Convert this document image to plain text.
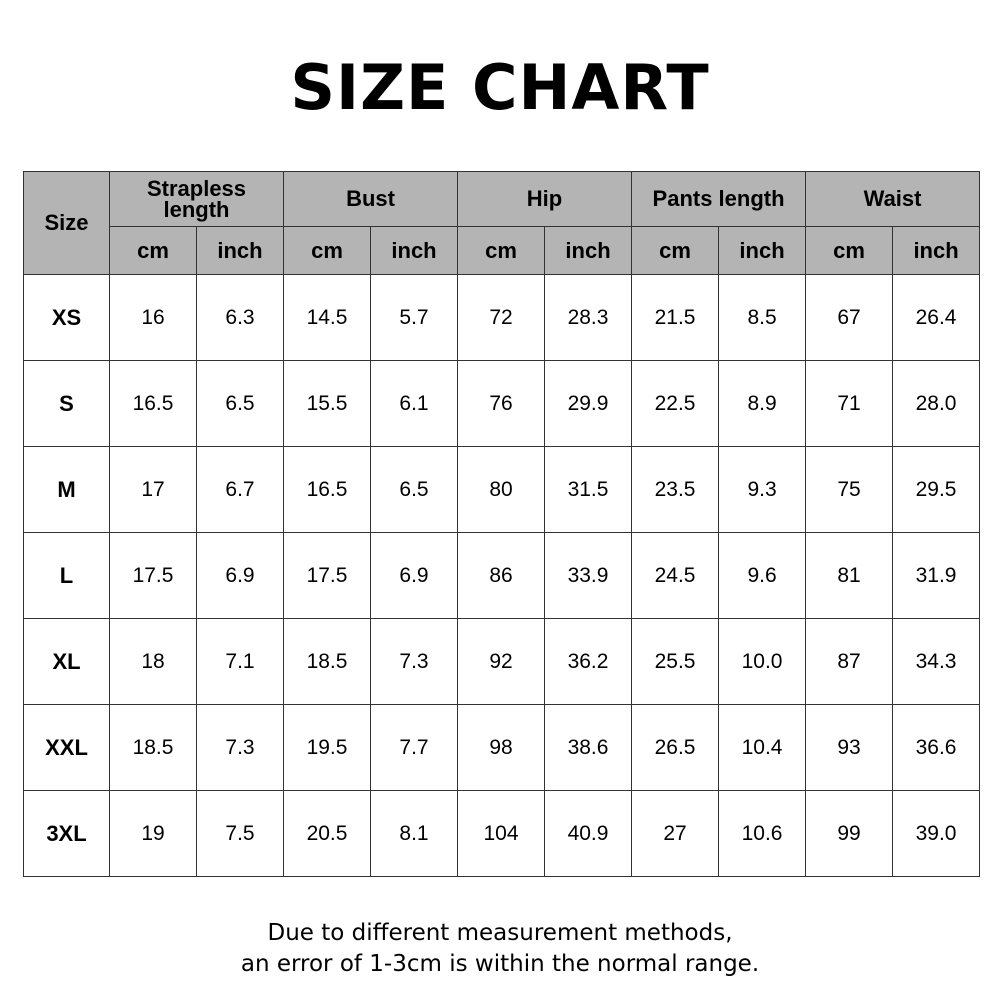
SIZE CHART
Size	Strapless length		Bust		Hip		Pants length		Waist	
	cm	inch	cm	inch	cm	inch	cm	inch	cm	inch
XS	16	6.3	14.5	5.7	72	28.3	21.5	8.5	67	26.4
S	16.5	6.5	15.5	6.1	76	29.9	22.5	8.9	71	28.0
M	17	6.7	16.5	6.5	80	31.5	23.5	9.3	75	29.5
L	17.5	6.9	17.5	6.9	86	33.9	24.5	9.6	81	31.9
XL	18	7.1	18.5	7.3	92	36.2	25.5	10.0	87	34.3
XXL	18.5	7.3	19.5	7.7	98	38.6	26.5	10.4	93	36.6
3XL	19	7.5	20.5	8.1	104	40.9	27	10.6	99	39.0
Due to different measurement methods,
an error of 1-3cm is within the normal range.
